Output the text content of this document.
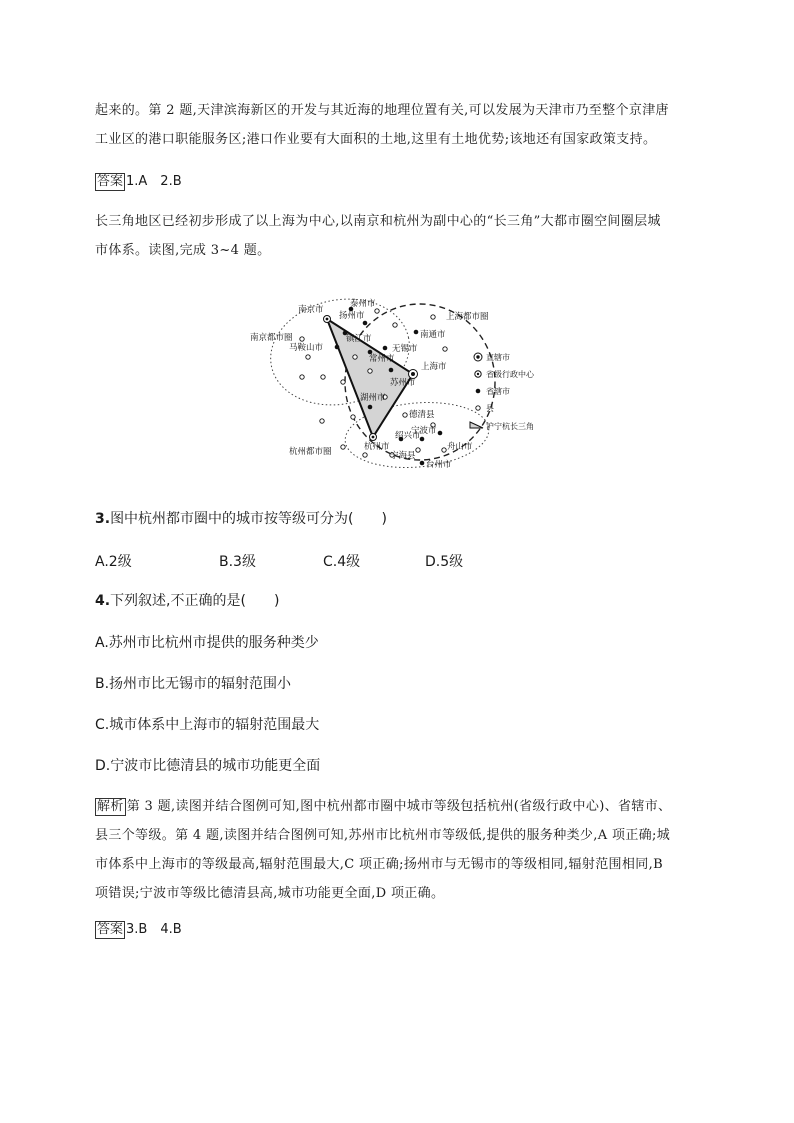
起来的。第 2 题,天津滨海新区的开发与其近海的地理位置有关,可以发展为天津市乃至整个京津唐
工业区的港口职能服务区;港口作业要有大面积的土地,这里有土地优势;该地还有国家政策支持。
答案 1.A　2.B
长三角地区已经初步形成了以上海为中心,以南京和杭州为副中心的“长三角”大都市圈空间圈层城
市体系。读图,完成 3~4 题。
南京市
泰州市
扬州市
镇江市
南京都市圈
马鞍山市
常州市
无锡市
南通市
上海都市圈
上海市
苏州市
湖州市
德清县
绍兴市
宁波市
杭州市
杭州都市圈	宁海县
舟山市
台州市
直辖市
省级行政中心
省辖市
县
沪宁杭长三角
3.图中杭州都市圈中的城市按等级可分为(　　)
A.2级	B.3级	C.4级	D.5级
4.下列叙述,不正确的是(　　)
A.苏州市比杭州市提供的服务种类少
B.扬州市比无锡市的辐射范围小
C.城市体系中上海市的辐射范围最大
D.宁波市比德清县的城市功能更全面
解析 第 3 题,读图并结合图例可知,图中杭州都市圈中城市等级包括杭州(省级行政中心)、省辖市、
县三个等级。第 4 题,读图并结合图例可知,苏州市比杭州市等级低,提供的服务种类少,A 项正确;城
市体系中上海市的等级最高,辐射范围最大,C 项正确;扬州市与无锡市的等级相同,辐射范围相同,B
项错误;宁波市等级比德清县高,城市功能更全面,D 项正确。
答案 3.B　4.B
